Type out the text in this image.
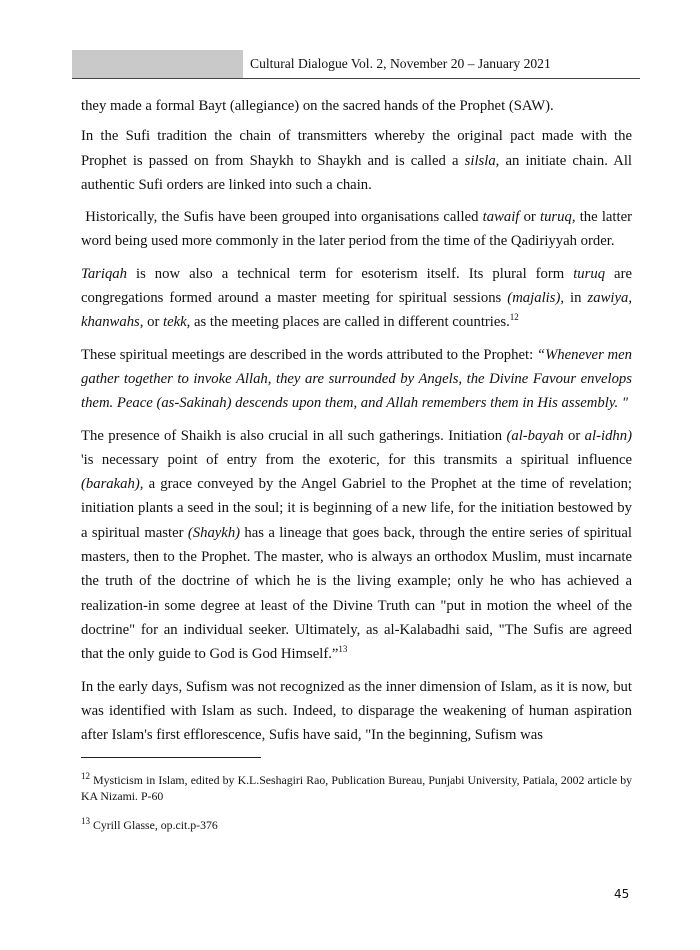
Cultural Dialogue Vol. 2, November 20 – January 2021

they made a formal Bayt (allegiance) on the sacred hands of the Prophet (SAW).

In the Sufi tradition the chain of transmitters whereby the original pact made with the Prophet is passed on from Shaykh to Shaykh and is called a silsla, an initiate chain. All authentic Sufi orders are linked into such a chain.

Historically, the Sufis have been grouped into organisations called tawaif or turuq, the latter word being used more commonly in the later period from the time of the Qadiriyyah order.

Tariqah is now also a technical term for esoterism itself. Its plural form turuq are congregations formed around a master meeting for spiritual sessions (majalis), in zawiya, khanwahs, or tekk, as the meeting places are called in different countries.$^{12}$

These spiritual meetings are described in the words attributed to the Prophet: “Whenever men gather together to invoke Allah, they are surrounded by Angels, the Divine Favour envelops them. Peace (as-Sakinah) descends upon them, and Allah remembers them in His assembly. "

The presence of Shaikh is also crucial in all such gatherings. Initiation (al-bayah or al-idhn) 'is necessary point of entry from the exoteric, for this transmits a spiritual influence (barakah), a grace conveyed by the Angel Gabriel to the Prophet at the time of revelation; initiation plants a seed in the soul; it is beginning of a new life, for the initiation bestowed by a spiritual master (Shaykh) has a lineage that goes back, through the entire series of spiritual masters, then to the Prophet. The master, who is always an orthodox Muslim, must incarnate the truth of the doctrine of which he is the living example; only he who has achieved a realization-in some degree at least of the Divine Truth can "put in motion the wheel of the doctrine" for an individual seeker. Ultimately, as al-Kalabadhi said, "The Sufis are agreed that the only guide to God is God Himself.”$^{13}$

In the early days, Sufism was not recognized as the inner dimension of Islam, as it is now, but was identified with Islam as such. Indeed, to disparage the weakening of human aspiration after Islam's first efflorescence, Sufis have said, "In the beginning, Sufism was

$^{12}$ Mysticism in Islam, edited by K.L.Seshagiri Rao, Publication Bureau, Punjabi University, Patiala, 2002 article by KA Nizami. P-60

$^{13}$ Cyrill Glasse, op.cit.p-376

45
